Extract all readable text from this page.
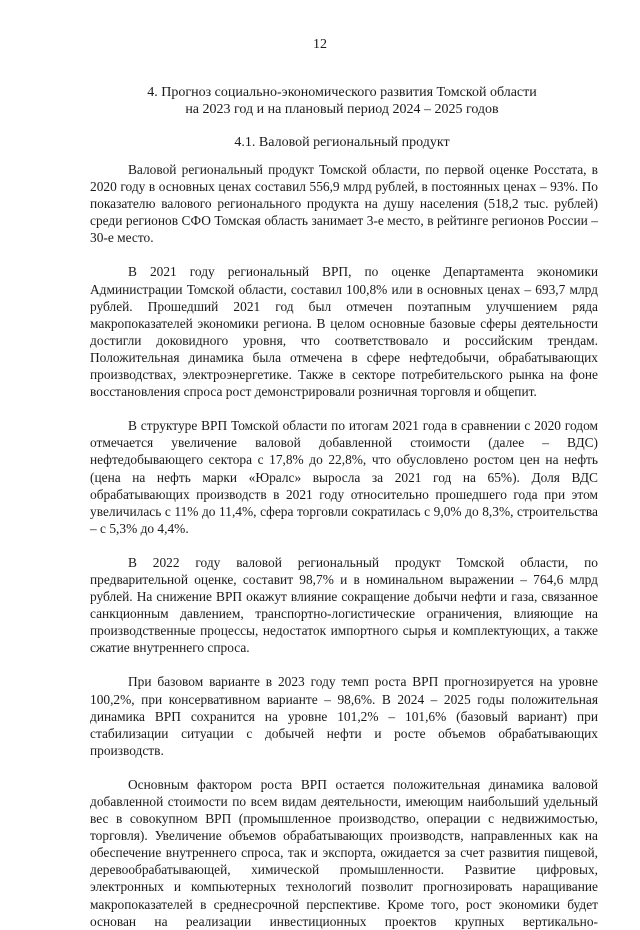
12
4. Прогноз социально-экономического развития Томской области
на 2023 год и на плановый период 2024 – 2025 годов
4.1. Валовой региональный продукт

Валовой региональный продукт Томской области, по первой оценке Росстата, в 2020 году в основных ценах составил 556,9 млрд рублей, в постоянных ценах – 93%. По показателю валового регионального продукта на душу населения (518,2 тыс. рублей) среди регионов СФО Томская область занимает 3-е место, в рейтинге регионов России – 30-е место.

В 2021 году региональный ВРП, по оценке Департамента экономики Администрации Томской области, составил 100,8% или в основных ценах – 693,7 млрд рублей. Прошедший 2021 год был отмечен поэтапным улучшением ряда макропоказателей экономики региона. В целом основные базовые сферы деятельности достигли доковидного уровня, что соответствовало и российским трендам. Положительная динамика была отмечена в сфере нефтедобычи, обрабатывающих производствах, электроэнергетике. Также в секторе потребительского рынка на фоне восстановления спроса рост демонстрировали розничная торговля и общепит.

В структуре ВРП Томской области по итогам 2021 года в сравнении с 2020 годом отмечается увеличение валовой добавленной стоимости (далее – ВДС) нефтедобывающего сектора с 17,8% до 22,8%, что обусловлено ростом цен на нефть (цена на нефть марки «Юралс» выросла за 2021 год на 65%). Доля ВДС обрабатывающих производств в 2021 году относительно прошедшего года при этом увеличилась с 11% до 11,4%, сфера торговли сократилась с 9,0% до 8,3%, строительства – с 5,3% до 4,4%.

В 2022 году валовой региональный продукт Томской области, по предварительной оценке, составит 98,7% и в номинальном выражении – 764,6 млрд рублей. На снижение ВРП окажут влияние сокращение добычи нефти и газа, связанное санкционным давлением, транспортно-логистические ограничения, влияющие на производственные процессы, недостаток импортного сырья и комплектующих, а также сжатие внутреннего спроса.

При базовом варианте в 2023 году темп роста ВРП прогнозируется на уровне 100,2%, при консервативном варианте – 98,6%. В 2024 – 2025 годы положительная динамика ВРП сохранится на уровне 101,2% – 101,6% (базовый вариант) при стабилизации ситуации с добычей нефти и росте объемов обрабатывающих производств.

Основным фактором роста ВРП остается положительная динамика валовой добавленной стоимости по всем видам деятельности, имеющим наибольший удельный вес в совокупном ВРП (промышленное производство, операции с недвижимостью, торговля). Увеличение объемов обрабатывающих производств, направленных как на обеспечение внутреннего спроса, так и экспорта, ожидается за счет развития пищевой, деревообрабатывающей, химической промышленности. Развитие цифровых, электронных и компьютерных технологий позволит прогнозировать наращивание макропоказателей в среднесрочной перспективе. Кроме того, рост экономики будет основан на реализации инвестиционных проектов крупных вертикально-
